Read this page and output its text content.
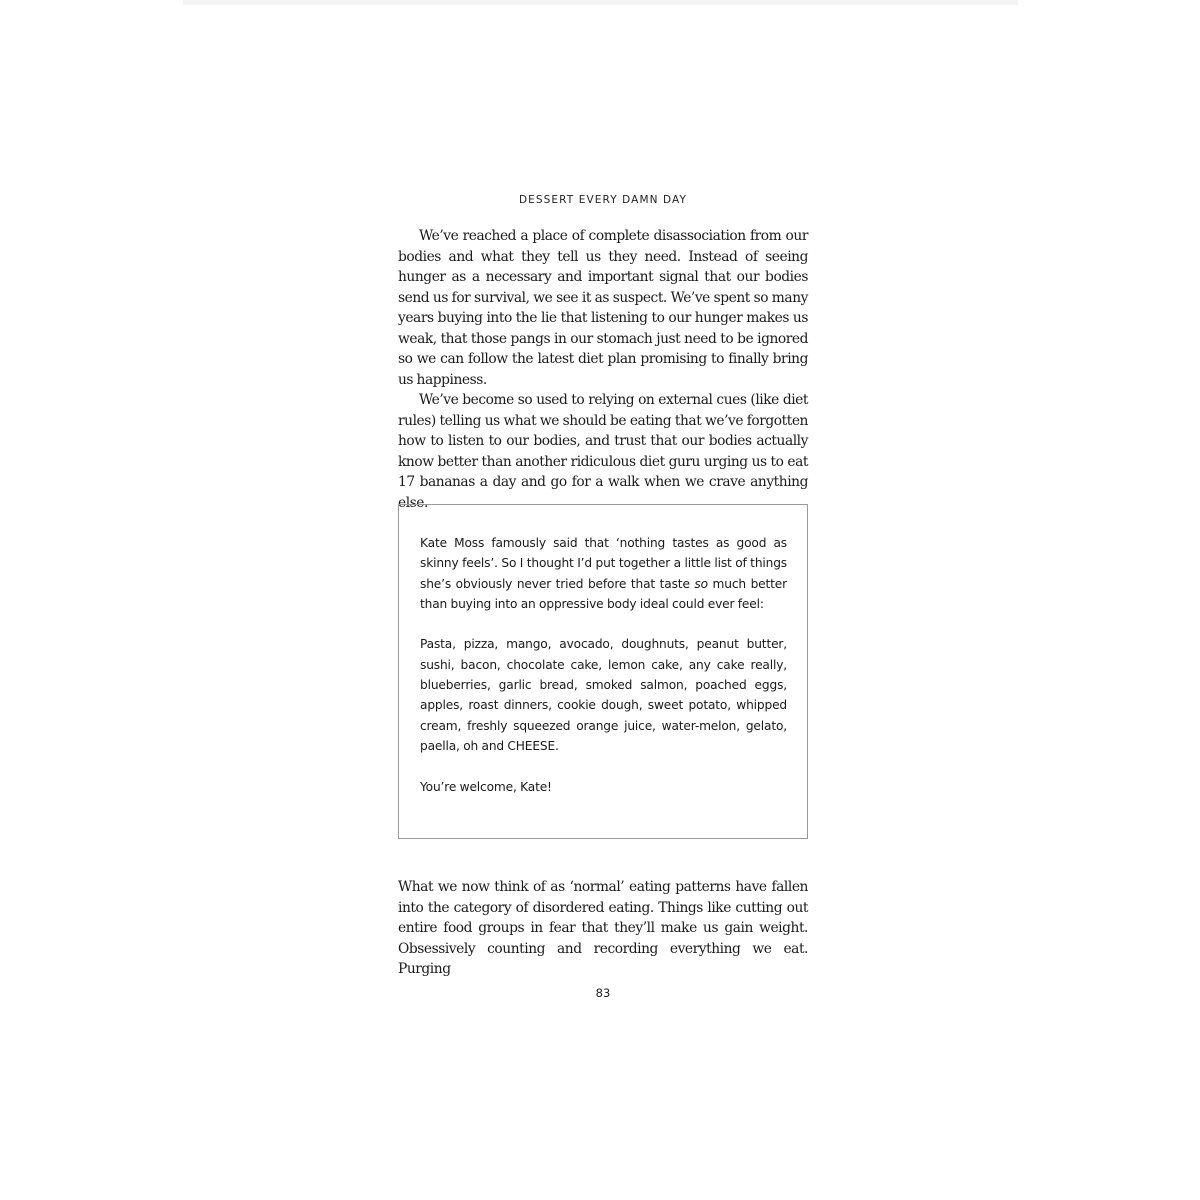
DESSERT EVERY DAMN DAY

We’ve reached a place of complete disassociation from our bodies and what they tell us they need. Instead of seeing hunger as a necessary and important signal that our bodies send us for survival, we see it as suspect. We’ve spent so many years buying into the lie that listening to our hunger makes us weak, that those pangs in our stomach just need to be ignored so we can follow the latest diet plan promising to finally bring us happiness.

We’ve become so used to relying on external cues (like diet rules) telling us what we should be eating that we’ve forgotten how to listen to our bodies, and trust that our bodies actually know better than another ridiculous diet guru urging us to eat 17 bananas a day and go for a walk when we crave anything else.

Kate Moss famously said that ‘nothing tastes as good as skinny feels’. So I thought I’d put together a little list of things she’s obviously never tried before that taste so much better than buying into an oppressive body ideal could ever feel:

Pasta, pizza, mango, avocado, doughnuts, peanut butter, sushi, bacon, chocolate cake, lemon cake, any cake really, blueberries, garlic bread, smoked salmon, poached eggs, apples, roast dinners, cookie dough, sweet potato, whipped cream, freshly squeezed orange juice, water-melon, gelato, paella, oh and CHEESE.

You’re welcome, Kate!

What we now think of as ‘normal’ eating patterns have fallen into the category of disordered eating. Things like cutting out entire food groups in fear that they’ll make us gain weight. Obsessively counting and recording everything we eat. Purging

83
